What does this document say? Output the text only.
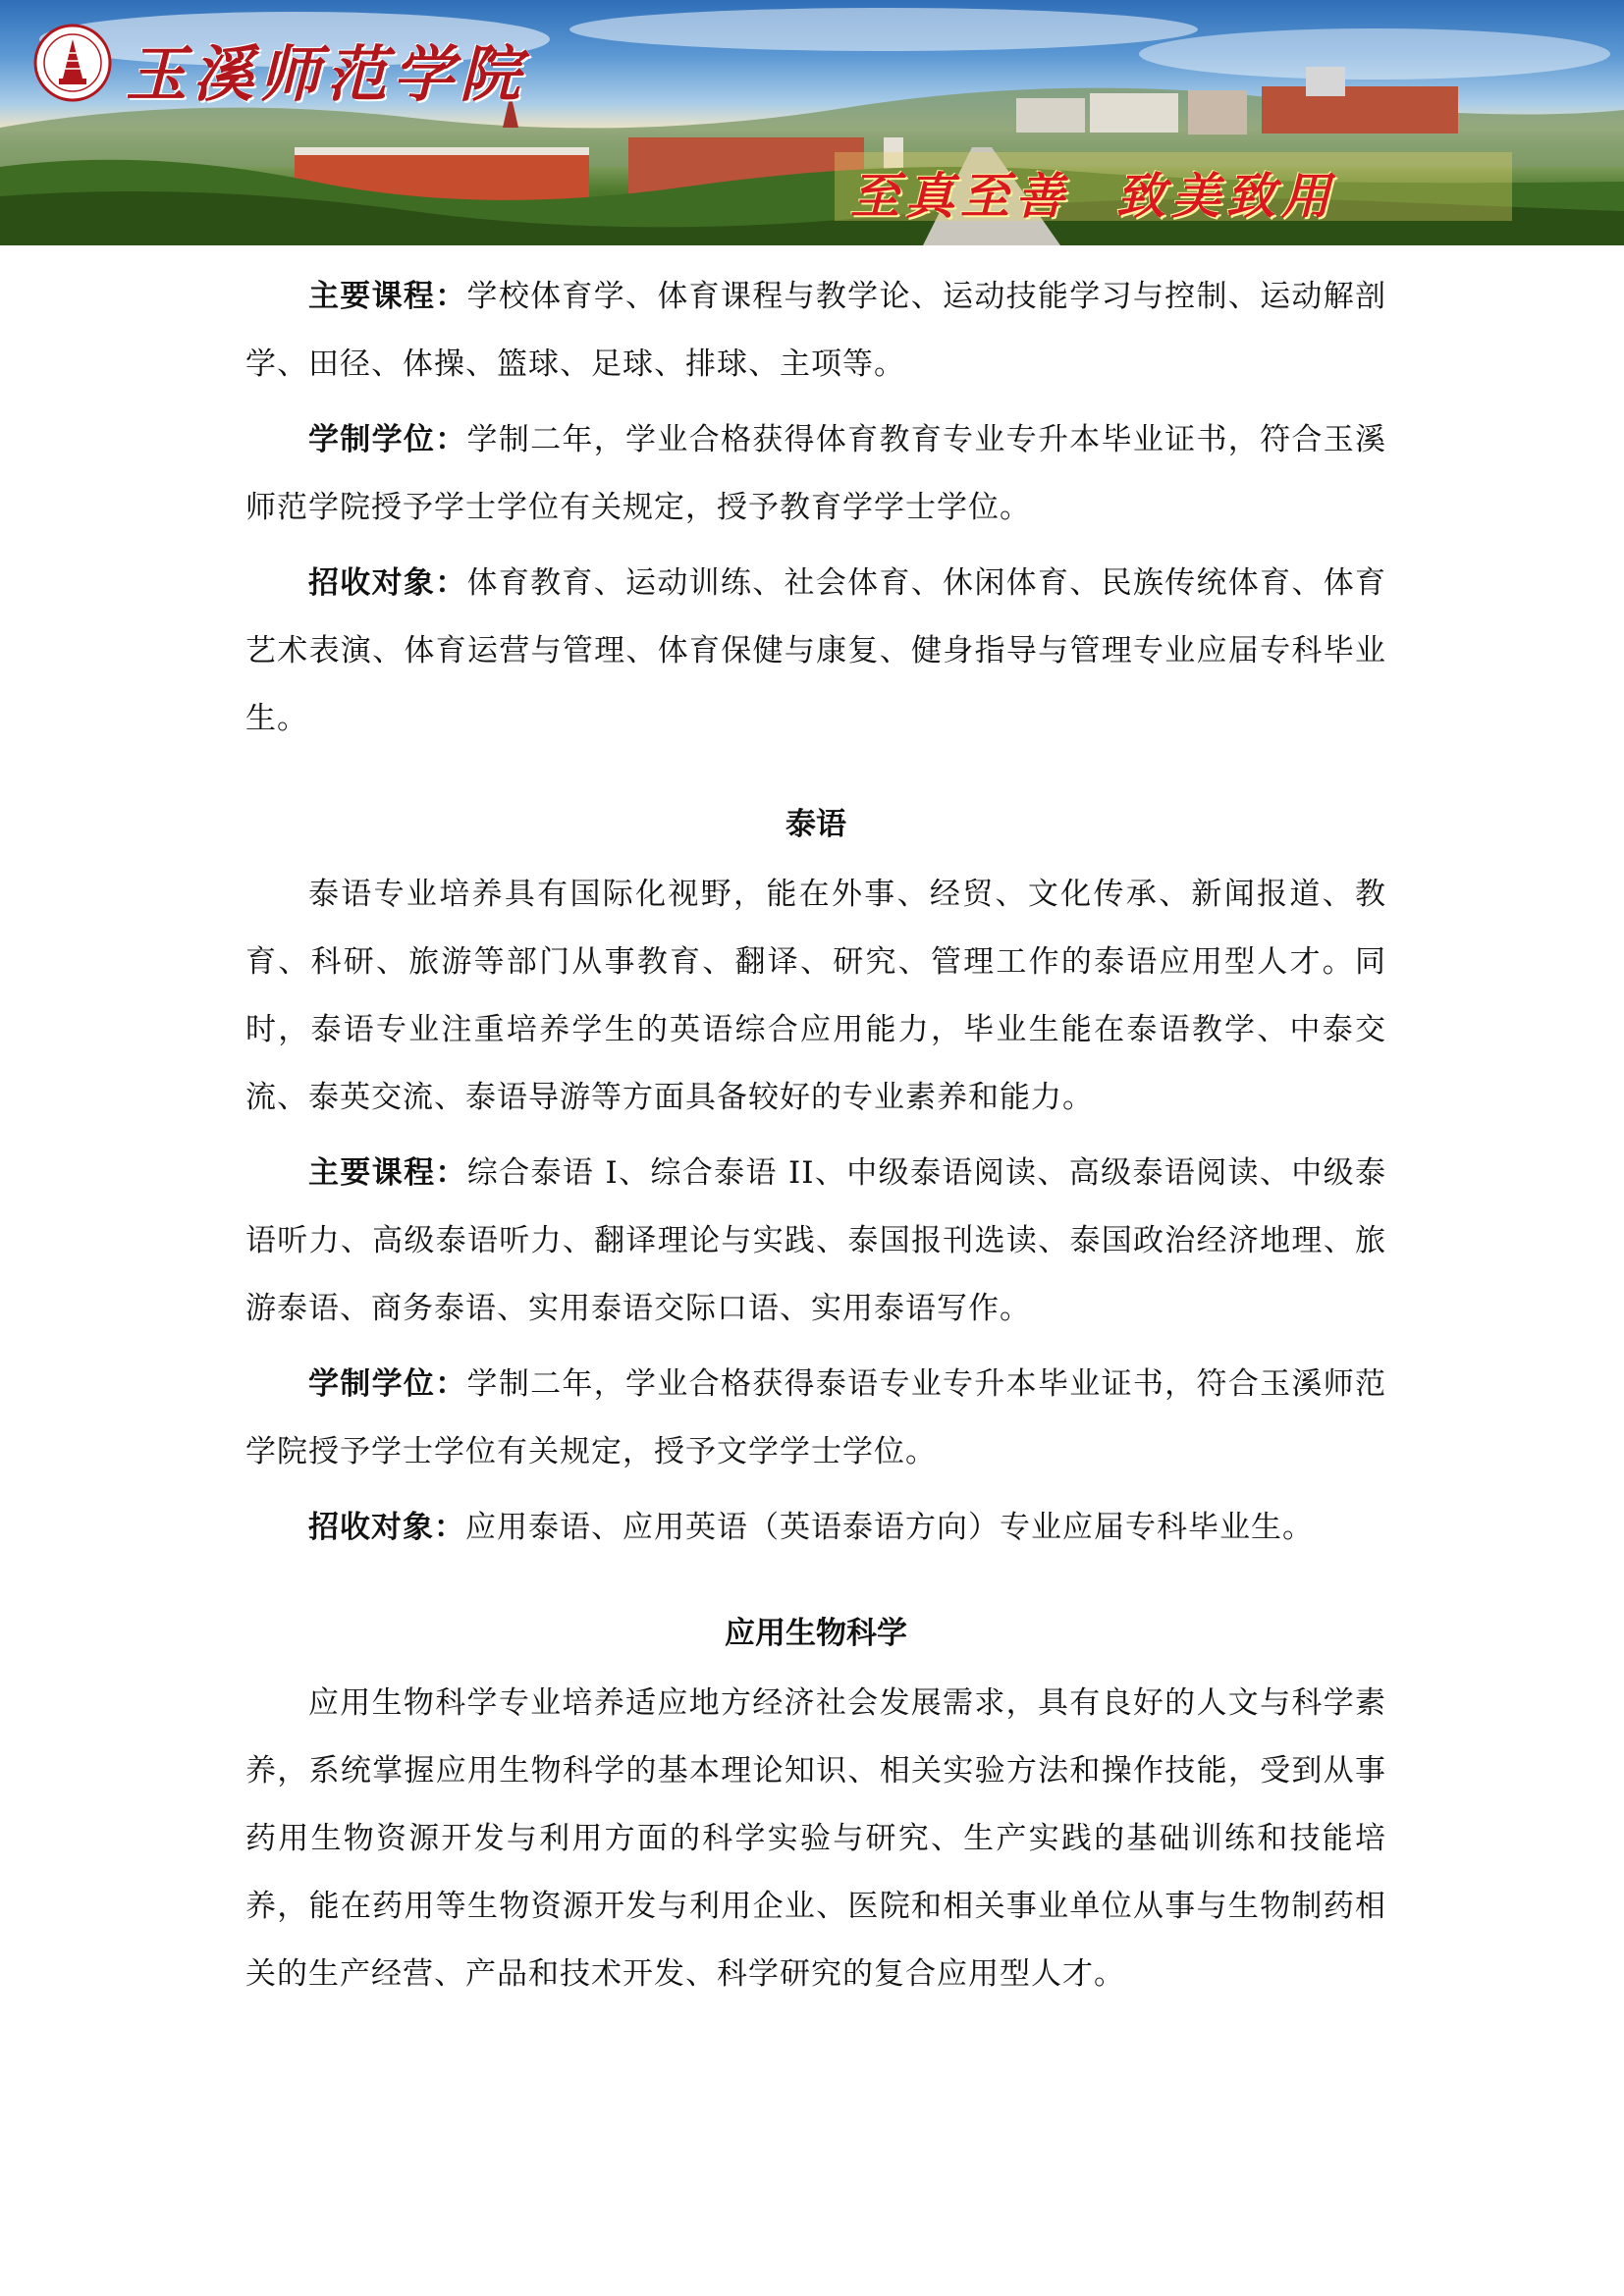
玉溪师范学院
至真至善  致美致用

主要课程：学校体育学、体育课程与教学论、运动技能学习与控制、运动解剖学、田径、体操、篮球、足球、排球、主项等。

学制学位：学制二年，学业合格获得体育教育专业专升本毕业证书，符合玉溪师范学院授予学士学位有关规定，授予教育学学士学位。

招收对象：体育教育、运动训练、社会体育、休闲体育、民族传统体育、体育艺术表演、体育运营与管理、体育保健与康复、健身指导与管理专业应届专科毕业生。

泰语

泰语专业培养具有国际化视野，能在外事、经贸、文化传承、新闻报道、教育、科研、旅游等部门从事教育、翻译、研究、管理工作的泰语应用型人才。同时，泰语专业注重培养学生的英语综合应用能力，毕业生能在泰语教学、中泰交流、泰英交流、泰语导游等方面具备较好的专业素养和能力。

主要课程：综合泰语 I、综合泰语 II、中级泰语阅读、高级泰语阅读、中级泰语听力、高级泰语听力、翻译理论与实践、泰国报刊选读、泰国政治经济地理、旅游泰语、商务泰语、实用泰语交际口语、实用泰语写作。

学制学位：学制二年，学业合格获得泰语专业专升本毕业证书，符合玉溪师范学院授予学士学位有关规定，授予文学学士学位。

招收对象：应用泰语、应用英语（英语泰语方向）专业应届专科毕业生。

应用生物科学

应用生物科学专业培养适应地方经济社会发展需求，具有良好的人文与科学素养，系统掌握应用生物科学的基本理论知识、相关实验方法和操作技能，受到从事药用生物资源开发与利用方面的科学实验与研究、生产实践的基础训练和技能培养，能在药用等生物资源开发与利用企业、医院和相关事业单位从事与生物制药相关的生产经营、产品和技术开发、科学研究的复合应用型人才。
